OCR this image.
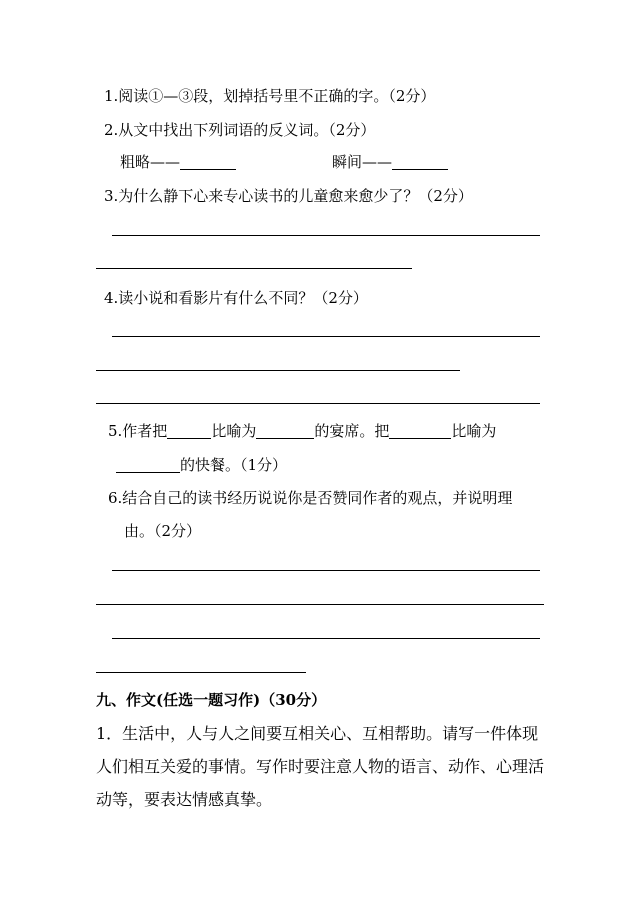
1.阅读①—③段，划掉括号里不正确的字。（2分）
2.从文中找出下列词语的反义词。（2分）
粗略——	瞬间——
3.为什么静下心来专心读书的儿童愈来愈少了？（2分）
4.读小说和看影片有什么不同？（2分）
5.作者把	比喻为	的宴席。把	比喻为
的快餐。（1分）
6.结合自己的读书经历说说你是否赞同作者的观点，并说明理
由。（2分）
九、作文(任选一题习作)（30分）
1．生活中，人与人之间要互相关心、互相帮助。请写一件体现
人们相互关爱的事情。写作时要注意人物的语言、动作、心理活
动等，要表达情感真挚。
